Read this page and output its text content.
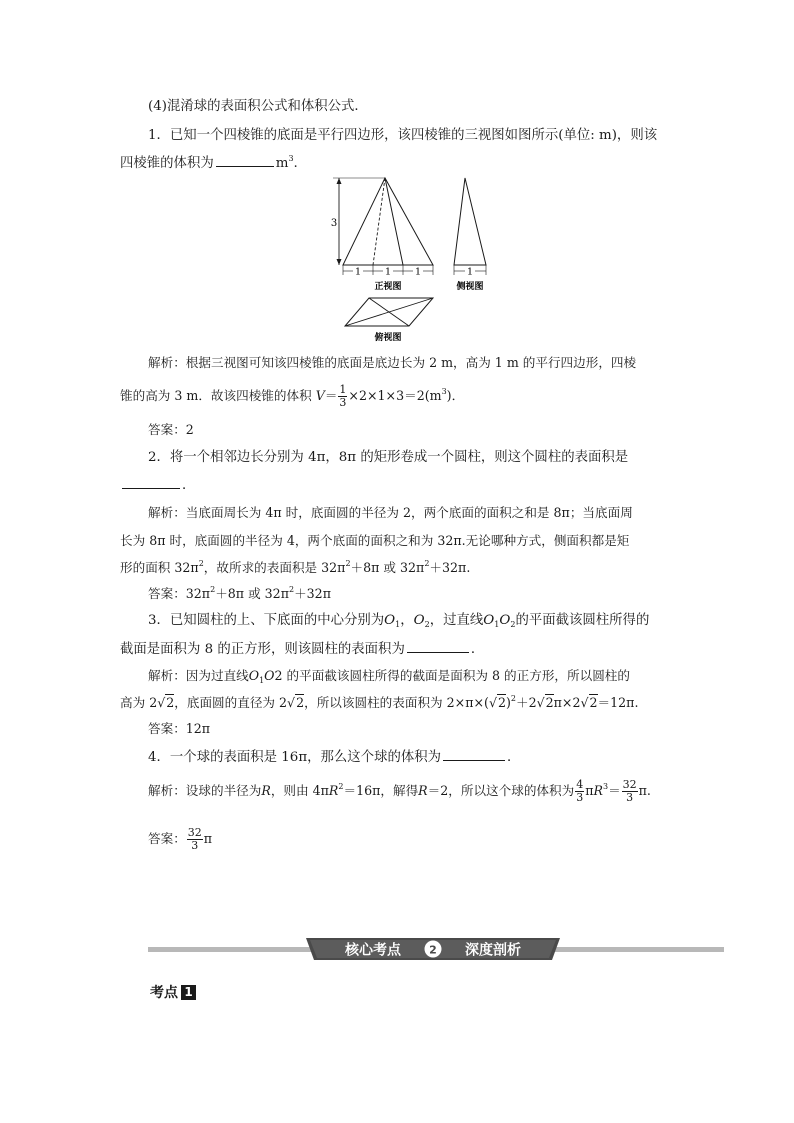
(4)混淆球的表面积公式和体积公式．
1．已知一个四棱锥的底面是平行四边形，该四棱锥的三视图如图所示(单位: m)，则该
四棱锥的体积为	$m^3$.
3
1	1	1
正视图
1
侧视图
俯视图
解析：根据三视图可知该四棱锥的底面是底边长为 2 m，高为 1 m 的平行四边形，四棱
锥的高为 3 m．故该四棱锥的体积 $V= \frac{1}{3} \times 2\times 1\times 3=2(m^3)$．
答案：2
2．将一个相邻边长分别为 4π，8π 的矩形卷成一个圆柱，则这个圆柱的表面积是
．
解析：当底面周长为 4π 时，底面圆的半径为 2，两个底面的面积之和是 8π；当底面周
长为 8π 时，底面圆的半径为 4，两个底面的面积之和为 32π.无论哪种方式，侧面积都是矩
形的面积 $32\pi^2$，故所求的表面积是 $32\pi^2+8\pi$ 或 $32\pi^2+32\pi$.
答案：$32\pi^2+8\pi$ 或 $32\pi^2+32\pi$
3．已知圆柱的上、下底面的中心分别为$O_1$，$O_2$，过直线$O_1O_2$的平面截该圆柱所得的
截面是面积为 8 的正方形，则该圆柱的表面积为	．
解析：因为过直线$O_1O2$ 的平面截该圆柱所得的截面是面积为 8 的正方形，所以圆柱的
高为 2√2，底面圆的直径为 2√2，所以该圆柱的表面积为 $2\times\pi\times(√2)^2+2√2\pi\times 2√2=12\pi$.
答案：12π
4．一个球的表面积是 16π，那么这个球的体积为	．
解析：设球的半径为R，则由 $4\pi R^2=16\pi$，解得R＝2，所以这个球的体积为 $\frac{4}{3} \pi R^3= \frac{32}{3} \pi$.
答案： $\frac{32}{3}$ π
核心考点	2 深度剖析
考点 1
